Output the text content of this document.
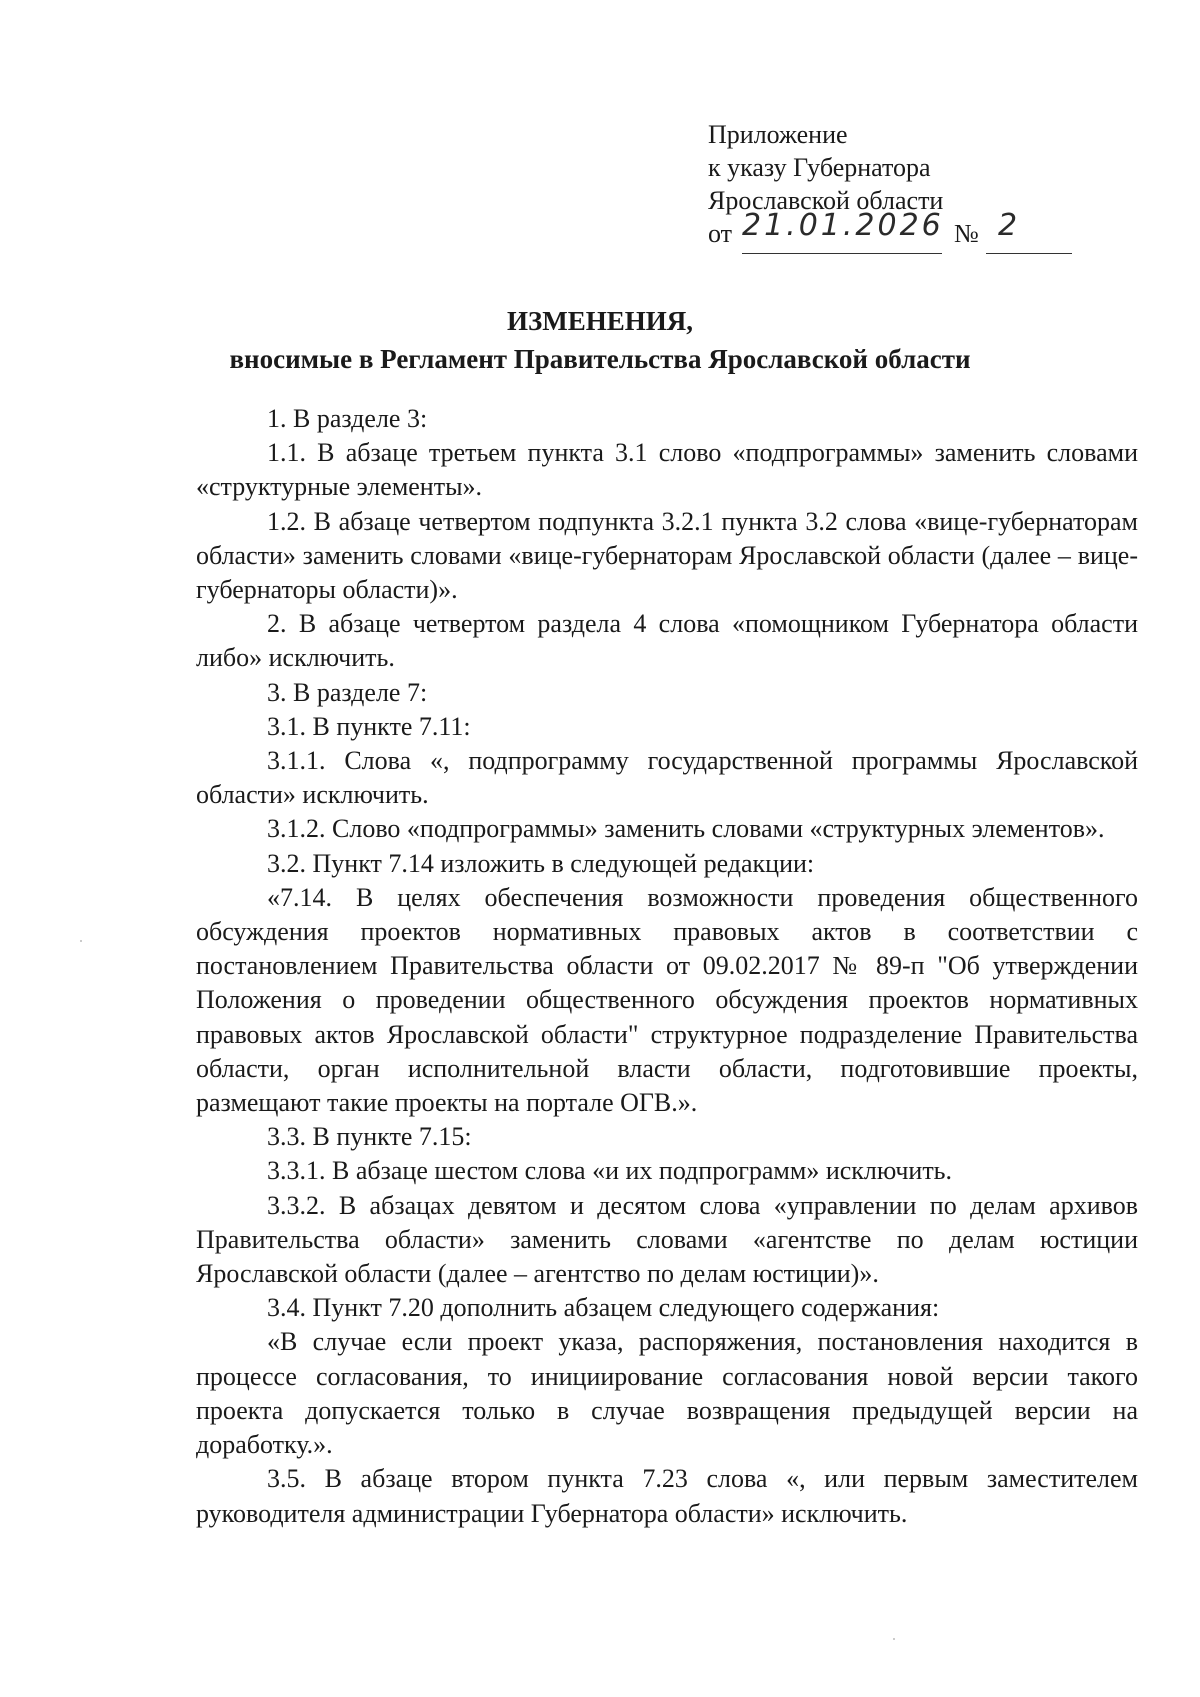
Приложение
к указу Губернатора
Ярославской области
от 21.01.2026 № 2
ИЗМЕНЕНИЯ,
вносимые в Регламент Правительства Ярославской области

1. В разделе 3:

1.1. В абзаце третьем пункта 3.1 слово «подпрограммы» заменить словами «структурные элементы».

1.2. В абзаце четвертом подпункта 3.2.1 пункта 3.2 слова «вице-губернаторам области» заменить словами «вице-губернаторам Ярославской области (далее – вице-губернаторы области)».

2. В абзаце четвертом раздела 4 слова «помощником Губернатора области либо» исключить.

3. В разделе 7:

3.1. В пункте 7.11:

3.1.1. Слова «, подпрограмму государственной программы Ярославской области» исключить.

3.1.2. Слово «подпрограммы» заменить словами «структурных элементов».

3.2. Пункт 7.14 изложить в следующей редакции:

«7.14. В целях обеспечения возможности проведения общественного обсуждения проектов нормативных правовых актов в соответствии с постановлением Правительства области от 09.02.2017 № 89-п "Об утверждении Положения о проведении общественного обсуждения проектов нормативных правовых актов Ярославской области" структурное подразделение Правительства области, орган исполнительной власти области, подготовившие проекты, размещают такие проекты на портале ОГВ.».

3.3. В пункте 7.15:

3.3.1. В абзаце шестом слова «и их подпрограмм» исключить.

3.3.2. В абзацах девятом и десятом слова «управлении по делам архивов Правительства области» заменить словами «агентстве по делам юстиции Ярославской области (далее – агентство по делам юстиции)».

3.4. Пункт 7.20 дополнить абзацем следующего содержания:

«В случае если проект указа, распоряжения, постановления находится в процессе согласования, то инициирование согласования новой версии такого проекта допускается только в случае возвращения предыдущей версии на доработку.».

3.5. В абзаце втором пункта 7.23 слова «, или первым заместителем руководителя администрации Губернатора области» исключить.
